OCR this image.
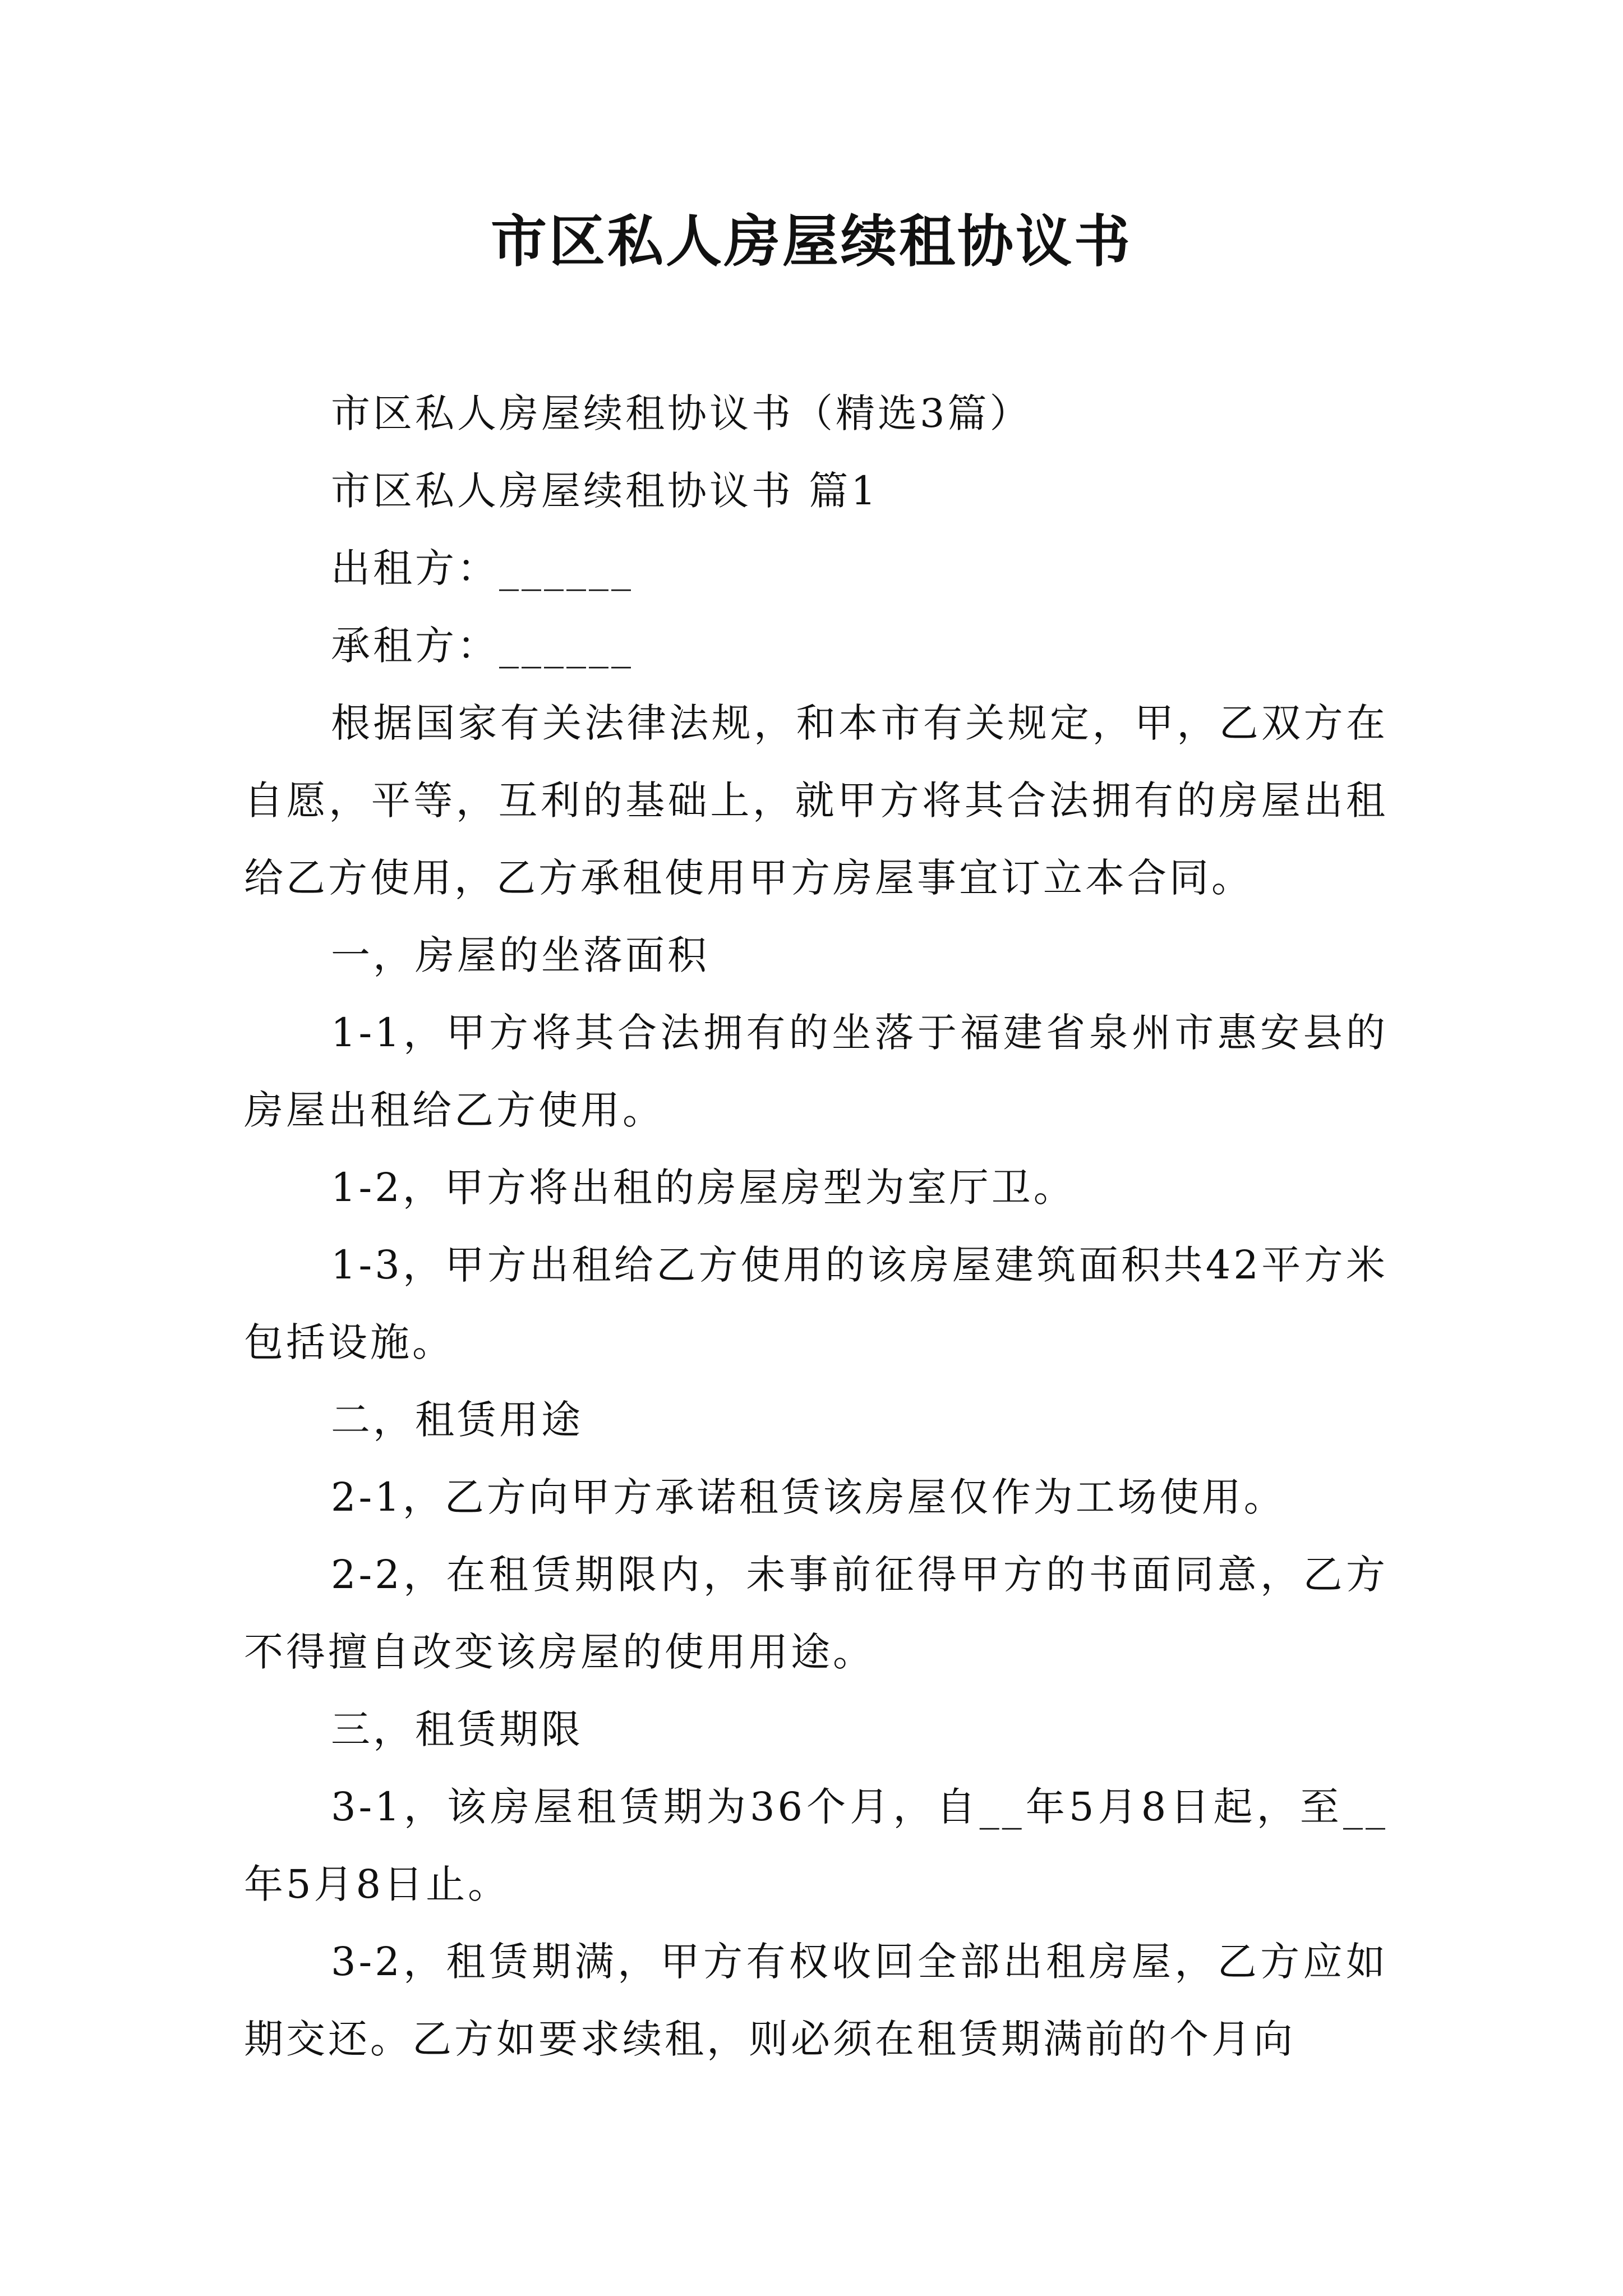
市区私人房屋续租协议书

市区私人房屋续租协议书（精选3篇）

市区私人房屋续租协议书 篇1

出租方：______

承租方：______

根据国家有关法律法规，和本市有关规定，甲，乙双方在自愿，平等，互利的基础上，就甲方将其合法拥有的房屋出租给乙方使用，乙方承租使用甲方房屋事宜订立本合同。

一，房屋的坐落面积

1-1，甲方将其合法拥有的坐落于福建省泉州市惠安县的房屋出租给乙方使用。

1-2，甲方将出租的房屋房型为室厅卫。

1-3，甲方出租给乙方使用的该房屋建筑面积共42平方米包括设施。

二，租赁用途

2-1，乙方向甲方承诺租赁该房屋仅作为工场使用。

2-2，在租赁期限内，未事前征得甲方的书面同意，乙方不得擅自改变该房屋的使用用途。

三，租赁期限

3-1，该房屋租赁期为36个月，自__年5月8日起，至__年5月8日止。

3-2，租赁期满，甲方有权收回全部出租房屋，乙方应如期交还。乙方如要求续租，则必须在租赁期满前的个月向
